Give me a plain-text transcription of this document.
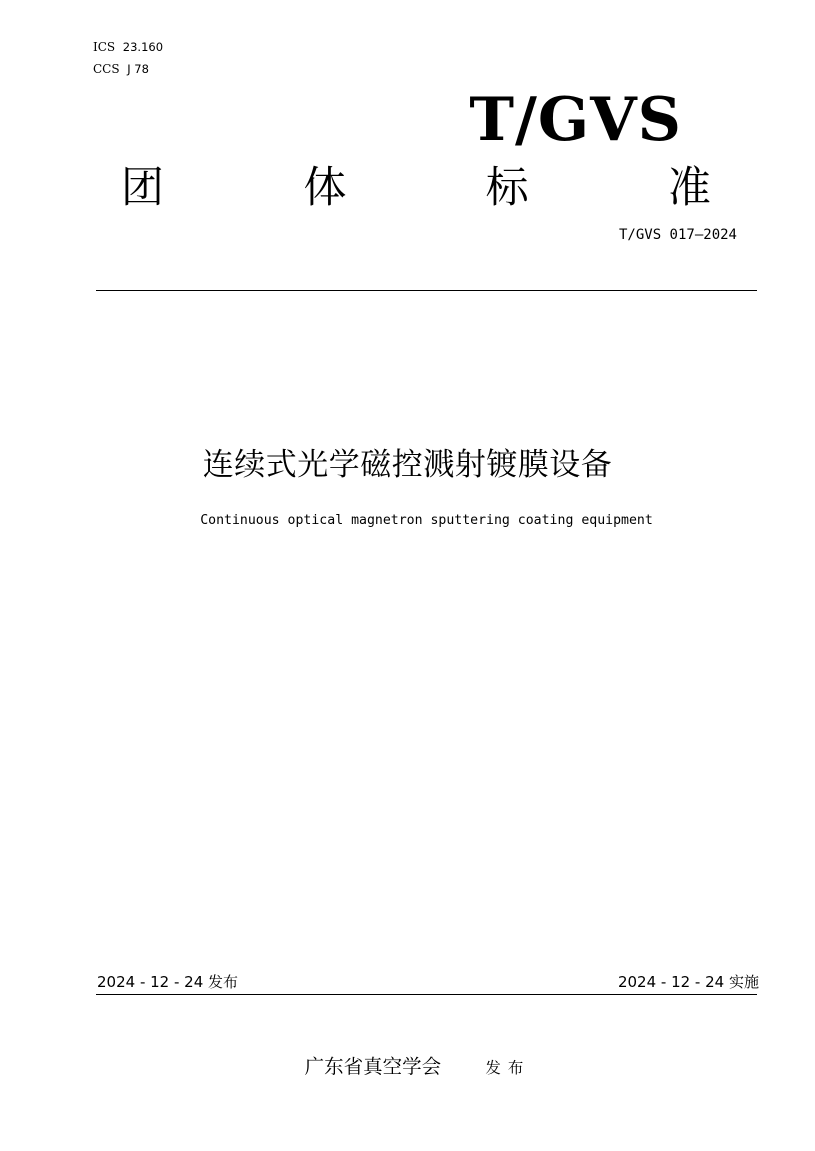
ICS 23.160
CCS J 78
T/GVS
团	体	标	准
T/GVS 017—2024
连续式光学磁控溅射镀膜设备
Continuous optical magnetron sputtering coating equipment
2024 - 12 - 24 发布	2024 - 12 - 24 实施
广东省真空学会	发布
